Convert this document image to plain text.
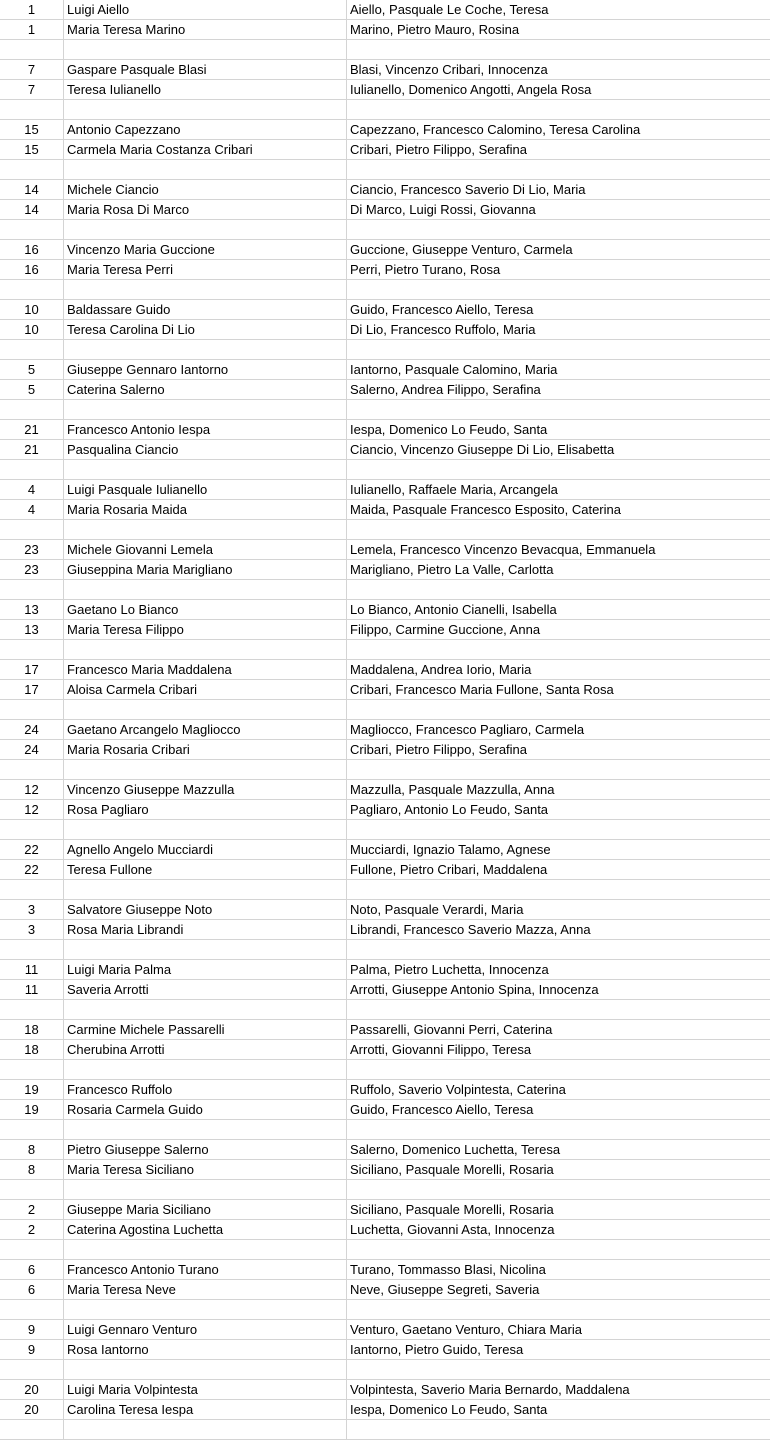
1	Luigi Aiello	Aiello, Pasquale Le Coche, Teresa
1	Maria Teresa Marino	Marino, Pietro Mauro, Rosina

7	Gaspare Pasquale Blasi	Blasi, Vincenzo Cribari, Innocenza
7	Teresa Iulianello	Iulianello, Domenico Angotti, Angela Rosa

15	Antonio Capezzano	Capezzano, Francesco Calomino, Teresa Carolina
15	Carmela Maria Costanza Cribari	Cribari, Pietro Filippo, Serafina

14	Michele Ciancio	Ciancio, Francesco Saverio Di Lio, Maria
14	Maria Rosa Di Marco	Di Marco, Luigi Rossi, Giovanna

16	Vincenzo Maria Guccione	Guccione, Giuseppe Venturo, Carmela
16	Maria Teresa Perri	Perri, Pietro Turano, Rosa

10	Baldassare Guido	Guido, Francesco Aiello, Teresa
10	Teresa Carolina Di Lio	Di Lio, Francesco Ruffolo, Maria

5	Giuseppe Gennaro Iantorno	Iantorno, Pasquale Calomino, Maria
5	Caterina Salerno	Salerno, Andrea Filippo, Serafina

21	Francesco Antonio Iespa	Iespa, Domenico Lo Feudo, Santa
21	Pasqualina Ciancio	Ciancio, Vincenzo Giuseppe Di Lio, Elisabetta

4	Luigi Pasquale Iulianello	Iulianello, Raffaele Maria, Arcangela
4	Maria Rosaria Maida	Maida, Pasquale Francesco Esposito, Caterina

23	Michele Giovanni Lemela	Lemela, Francesco Vincenzo Bevacqua, Emmanuela
23	Giuseppina Maria Marigliano	Marigliano, Pietro La Valle, Carlotta

13	Gaetano Lo Bianco	Lo Bianco, Antonio Cianelli, Isabella
13	Maria Teresa Filippo	Filippo, Carmine Guccione, Anna

17	Francesco Maria Maddalena	Maddalena, Andrea Iorio, Maria
17	Aloisa Carmela Cribari	Cribari, Francesco Maria Fullone, Santa Rosa

24	Gaetano Arcangelo Magliocco	Magliocco, Francesco Pagliaro, Carmela
24	Maria Rosaria Cribari	Cribari, Pietro Filippo, Serafina

12	Vincenzo Giuseppe Mazzulla	Mazzulla, Pasquale Mazzulla, Anna
12	Rosa Pagliaro	Pagliaro, Antonio Lo Feudo, Santa

22	Agnello Angelo Mucciardi	Mucciardi, Ignazio Talamo, Agnese
22	Teresa Fullone	Fullone, Pietro Cribari, Maddalena

3	Salvatore Giuseppe Noto	Noto, Pasquale Verardi, Maria
3	Rosa Maria Librandi	Librandi, Francesco Saverio Mazza, Anna

11	Luigi Maria Palma	Palma, Pietro Luchetta, Innocenza
11	Saveria Arrotti	Arrotti, Giuseppe Antonio Spina, Innocenza

18	Carmine Michele Passarelli	Passarelli, Giovanni Perri, Caterina
18	Cherubina Arrotti	Arrotti, Giovanni Filippo, Teresa

19	Francesco Ruffolo	Ruffolo, Saverio Volpintesta, Caterina
19	Rosaria Carmela Guido	Guido, Francesco Aiello, Teresa

8	Pietro Giuseppe Salerno	Salerno, Domenico Luchetta, Teresa
8	Maria Teresa Siciliano	Siciliano, Pasquale Morelli, Rosaria

2	Giuseppe Maria Siciliano	Siciliano, Pasquale Morelli, Rosaria
2	Caterina Agostina Luchetta	Luchetta, Giovanni Asta, Innocenza

6	Francesco Antonio Turano	Turano, Tommasso Blasi, Nicolina
6	Maria Teresa Neve	Neve, Giuseppe Segreti, Saveria

9	Luigi Gennaro Venturo	Venturo, Gaetano Venturo, Chiara Maria
9	Rosa Iantorno	Iantorno, Pietro Guido, Teresa

20	Luigi Maria Volpintesta	Volpintesta, Saverio Maria Bernardo, Maddalena
20	Carolina Teresa Iespa	Iespa, Domenico Lo Feudo, Santa
